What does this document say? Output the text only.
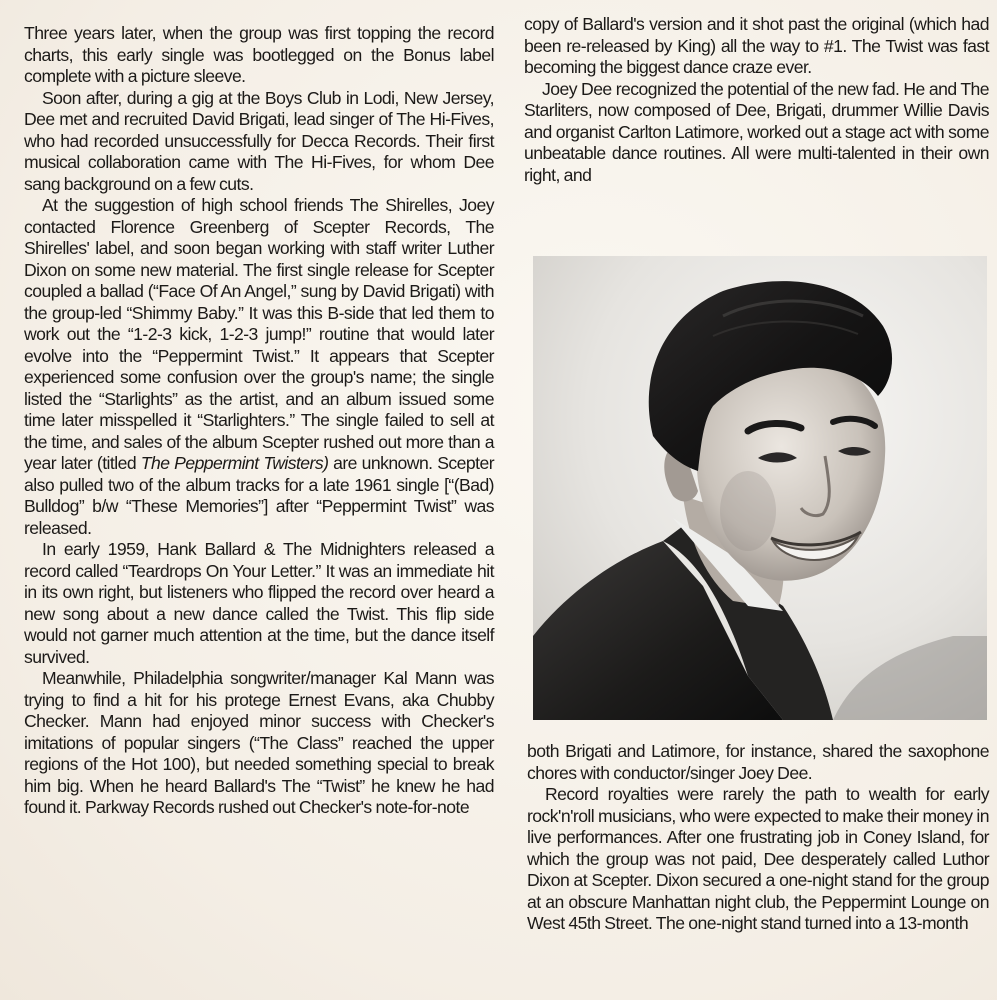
Three years later, when the group was first topping the record charts, this early single was bootlegged on the Bonus label complete with a picture sleeve.

Soon after, during a gig at the Boys Club in Lodi, New Jersey, Dee met and recruited David Brigati, lead singer of The Hi-Fives, who had recorded unsuccessfully for Decca Records. Their first musical collaboration came with The Hi-Fives, for whom Dee sang background on a few cuts.

At the suggestion of high school friends The Shirelles, Joey contacted Florence Greenberg of Scepter Records, The Shirelles' label, and soon began working with staff writer Luther Dixon on some new material. The first single release for Scepter coupled a ballad (“Face Of An Angel,” sung by David Brigati) with the group-led “Shimmy Baby.” It was this B-side that led them to work out the “1-2-3 kick, 1-2-3 jump!” routine that would later evolve into the “Peppermint Twist.” It appears that Scepter experienced some confusion over the group's name; the single listed the “Starlights” as the artist, and an album issued some time later misspelled it “Starlighters.” The single failed to sell at the time, and sales of the album Scepter rushed out more than a year later (titled The Peppermint Twisters) are unknown. Scepter also pulled two of the album tracks for a late 1961 single [“(Bad) Bulldog” b/w “These Memories”] after “Peppermint Twist” was released.

In early 1959, Hank Ballard & The Midnighters released a record called “Teardrops On Your Letter.” It was an immediate hit in its own right, but listeners who flipped the record over heard a new song about a new dance called the Twist. This flip side would not garner much attention at the time, but the dance itself survived.

Meanwhile, Philadelphia songwriter/manager Kal Mann was trying to find a hit for his protege Ernest Evans, aka Chubby Checker. Mann had enjoyed minor success with Checker's imitations of popular singers (“The Class” reached the upper regions of the Hot 100), but needed something special to break him big. When he heard Ballard's The “Twist” he knew he had found it. Parkway Records rushed out Checker's note-for-note

copy of Ballard's version and it shot past the original (which had been re-released by King) all the way to #1. The Twist was fast becoming the biggest dance craze ever.

Joey Dee recognized the potential of the new fad. He and The Starliters, now composed of Dee, Brigati, drummer Willie Davis and organist Carlton Latimore, worked out a stage act with some unbeatable dance routines. All were multi-talented in their own right, and

both Brigati and Latimore, for instance, shared the saxophone chores with conductor/singer Joey Dee.

Record royalties were rarely the path to wealth for early rock'n'roll musicians, who were expected to make their money in live performances. After one frustrating job in Coney Island, for which the group was not paid, Dee desperately called Luthor Dixon at Scepter. Dixon secured a one-night stand for the group at an obscure Manhattan night club, the Peppermint Lounge on West 45th Street. The one-night stand turned into a 13-month
